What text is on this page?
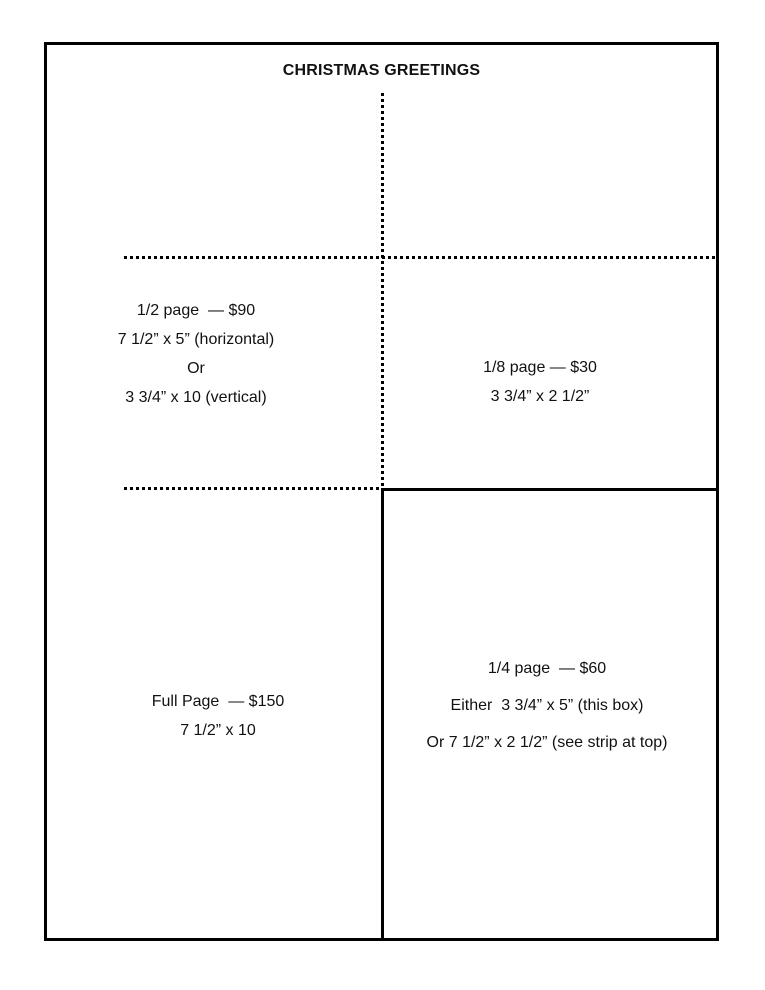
CHRISTMAS GREETINGS
1/2 page  — $90
7 1/2” x 5” (horizontal)
Or
3 3/4” x 10 (vertical)
1/8 page — $30
3 3/4” x 2 1/2”
Full Page  — $150
7 1/2” x 10
1/4 page  — $60
Either  3 3/4” x 5” (this box)
Or 7 1/2” x 2 1/2” (see strip at top)
